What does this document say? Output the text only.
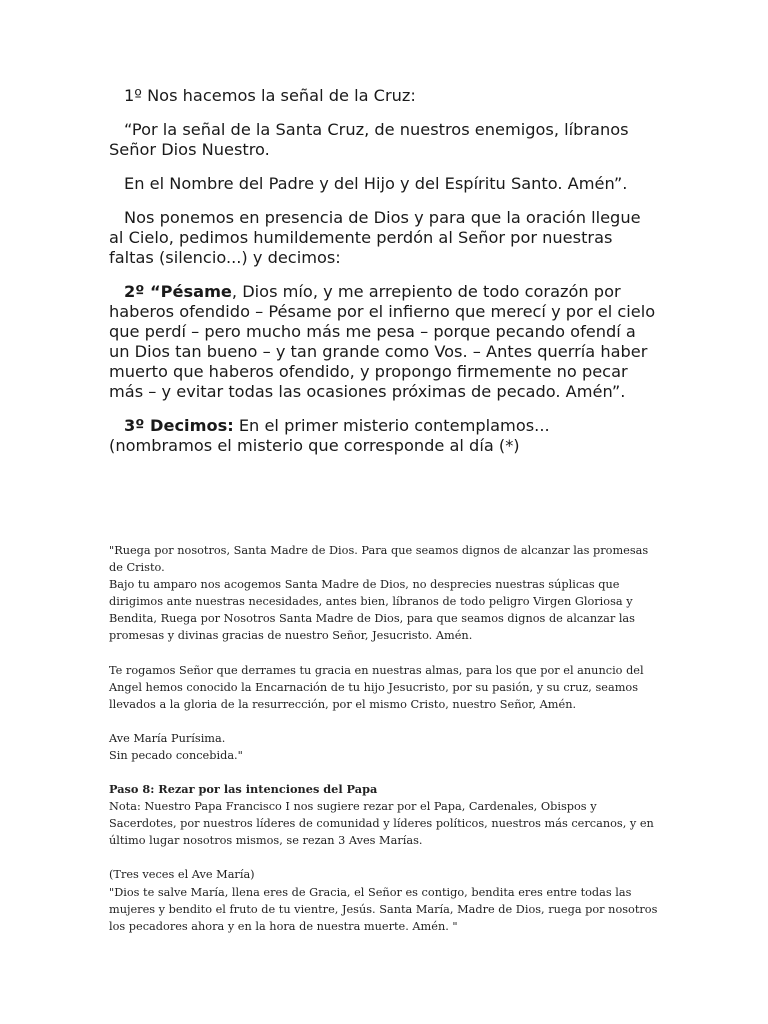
1º Nos hacemos la señal de la Cruz:

“Por la señal de la Santa Cruz, de nuestros enemigos, líbranos Señor Dios Nuestro.

En el Nombre del Padre y del Hijo y del Espíritu Santo. Amén”.

Nos ponemos en presencia de Dios y para que la oración llegue al Cielo, pedimos humildemente perdón al Señor por nuestras faltas (silencio...) y decimos:

2º “Pésame, Dios mío, y me arrepiento de todo corazón por haberos ofendido – Pésame por el infierno que merecí y por el cielo que perdí – pero mucho más me pesa – porque pecando ofendí a un Dios tan bueno – y tan grande como Vos. – Antes querría haber muerto que haberos ofendido, y propongo firmemente no pecar más – y evitar todas las ocasiones próximas de pecado. Amén”.

3º Decimos: En el primer misterio contemplamos... (nombramos el misterio que corresponde al día (*)

"Ruega por nosotros, Santa Madre de Dios. Para que seamos dignos de alcanzar las promesas de Cristo.

Bajo tu amparo nos acogemos Santa Madre de Dios, no desprecies nuestras súplicas que dirigimos ante nuestras necesidades, antes bien, líbranos de todo peligro Virgen Gloriosa y Bendita, Ruega por Nosotros Santa Madre de Dios, para que seamos dignos de alcanzar las promesas y divinas gracias de nuestro Señor, Jesucristo. Amén.

Te rogamos Señor que derrames tu gracia en nuestras almas, para los que por el anuncio del Angel hemos conocido la Encarnación de tu hijo Jesucristo, por su pasión, y su cruz, seamos llevados a la gloria de la resurrección, por el mismo Cristo, nuestro Señor, Amén.

Ave María Purísima.

Sin pecado concebida."

Paso 8: Rezar por las intenciones del Papa

Nota: Nuestro Papa Francisco I nos sugiere rezar por el Papa, Cardenales, Obispos y Sacerdotes, por nuestros líderes de comunidad y líderes políticos, nuestros más cercanos, y en último lugar nosotros mismos, se rezan 3 Aves Marías.

(Tres veces el Ave María)

"Dios te salve María, llena eres de Gracia, el Señor es contigo, bendita eres entre todas las mujeres y bendito el fruto de tu vientre, Jesús. Santa María, Madre de Dios, ruega por nosotros los pecadores ahora y en la hora de nuestra muerte. Amén. "
